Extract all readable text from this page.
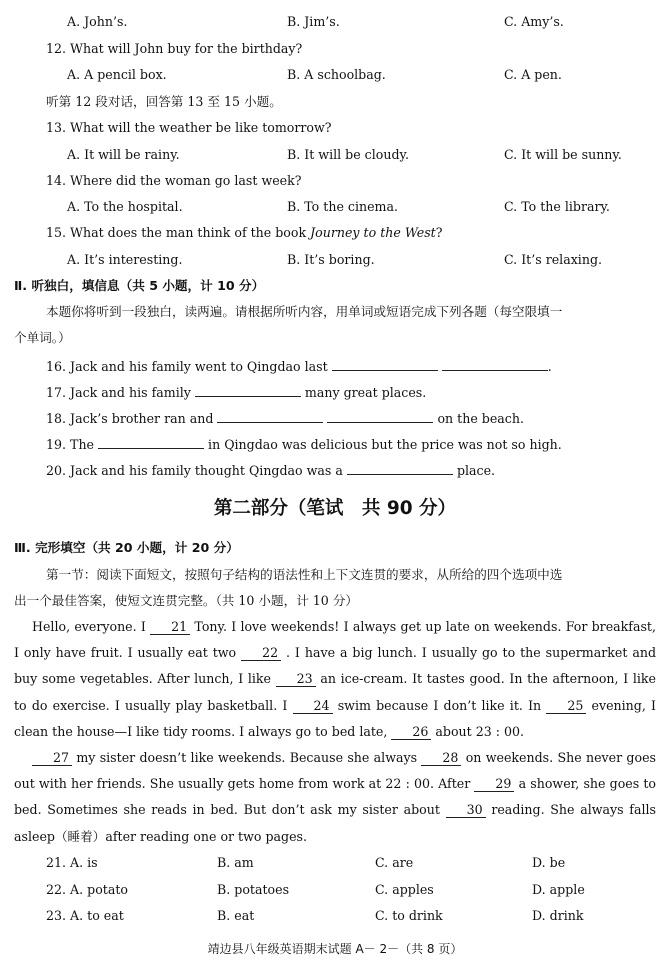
A. John’s.	B. Jim’s.	C. Amy’s.
12. What will John buy for the birthday?
A. A pencil box.	B. A schoolbag.	C. A pen.
听第 12 段对话，回答第 13 至 15 小题。
13. What will the weather be like tomorrow?
A. It will be rainy.	B. It will be cloudy.	C. It will be sunny.
14. Where did the woman go last week?
A. To the hospital.	B. To the cinema.	C. To the library.
15. What does the man think of the book Journey to the West?
A. It’s interesting.	B. It’s boring.	C. It’s relaxing.
Ⅱ. 听独白，填信息（共 5 小题，计 10 分）
本题你将听到一段独白，读两遍。请根据所听内容，用单词或短语完成下列各题（每空限填一
个单词。）
16. Jack and his family went to Qingdao last	.
17. Jack and his family	many great places.
18. Jack’s brother ran and	on the beach.
19. The	in Qingdao was delicious but the price was not so high.
20. Jack and his family thought Qingdao was a	place.
第二部分（笔试　共 90 分）
Ⅲ. 完形填空（共 20 小题，计 20 分）
第一节：阅读下面短文，按照句子结构的语法性和上下文连贯的要求，从所给的四个选项中选
出一个最佳答案，使短文连贯完整。（共 10 小题，计 10 分）
Hello, everyone. I 21 Tony. I love weekends! I always get up late on weekends. For breakfast, I only have fruit. I usually eat two 22 . I have a big lunch. I usually go to the supermarket and buy some vegetables. After lunch, I like 23 an ice-cream. It tastes good. In the afternoon, I like to do exercise. I usually play basketball. I 24 swim because I don’t like it. In 25 evening, I clean the house—I like tidy rooms. I always go to bed late, 26 about 23 : 00.
27 my sister doesn’t like weekends. Because she always 28 on weekends. She never goes out with her friends. She usually gets home from work at 22 : 00. After 29 a shower, she goes to bed. Sometimes she reads in bed. But don’t ask my sister about 30 reading. She always falls asleep（睡着）after reading one or two pages.
21. A. is	B. am	C. are	D. be
22. A. potato	B. potatoes	C. apples	D. apple
23. A. to eat	B. eat	C. to drink	D. drink
靖边县八年级英语期末试题 A－ 2－（共 8 页）
